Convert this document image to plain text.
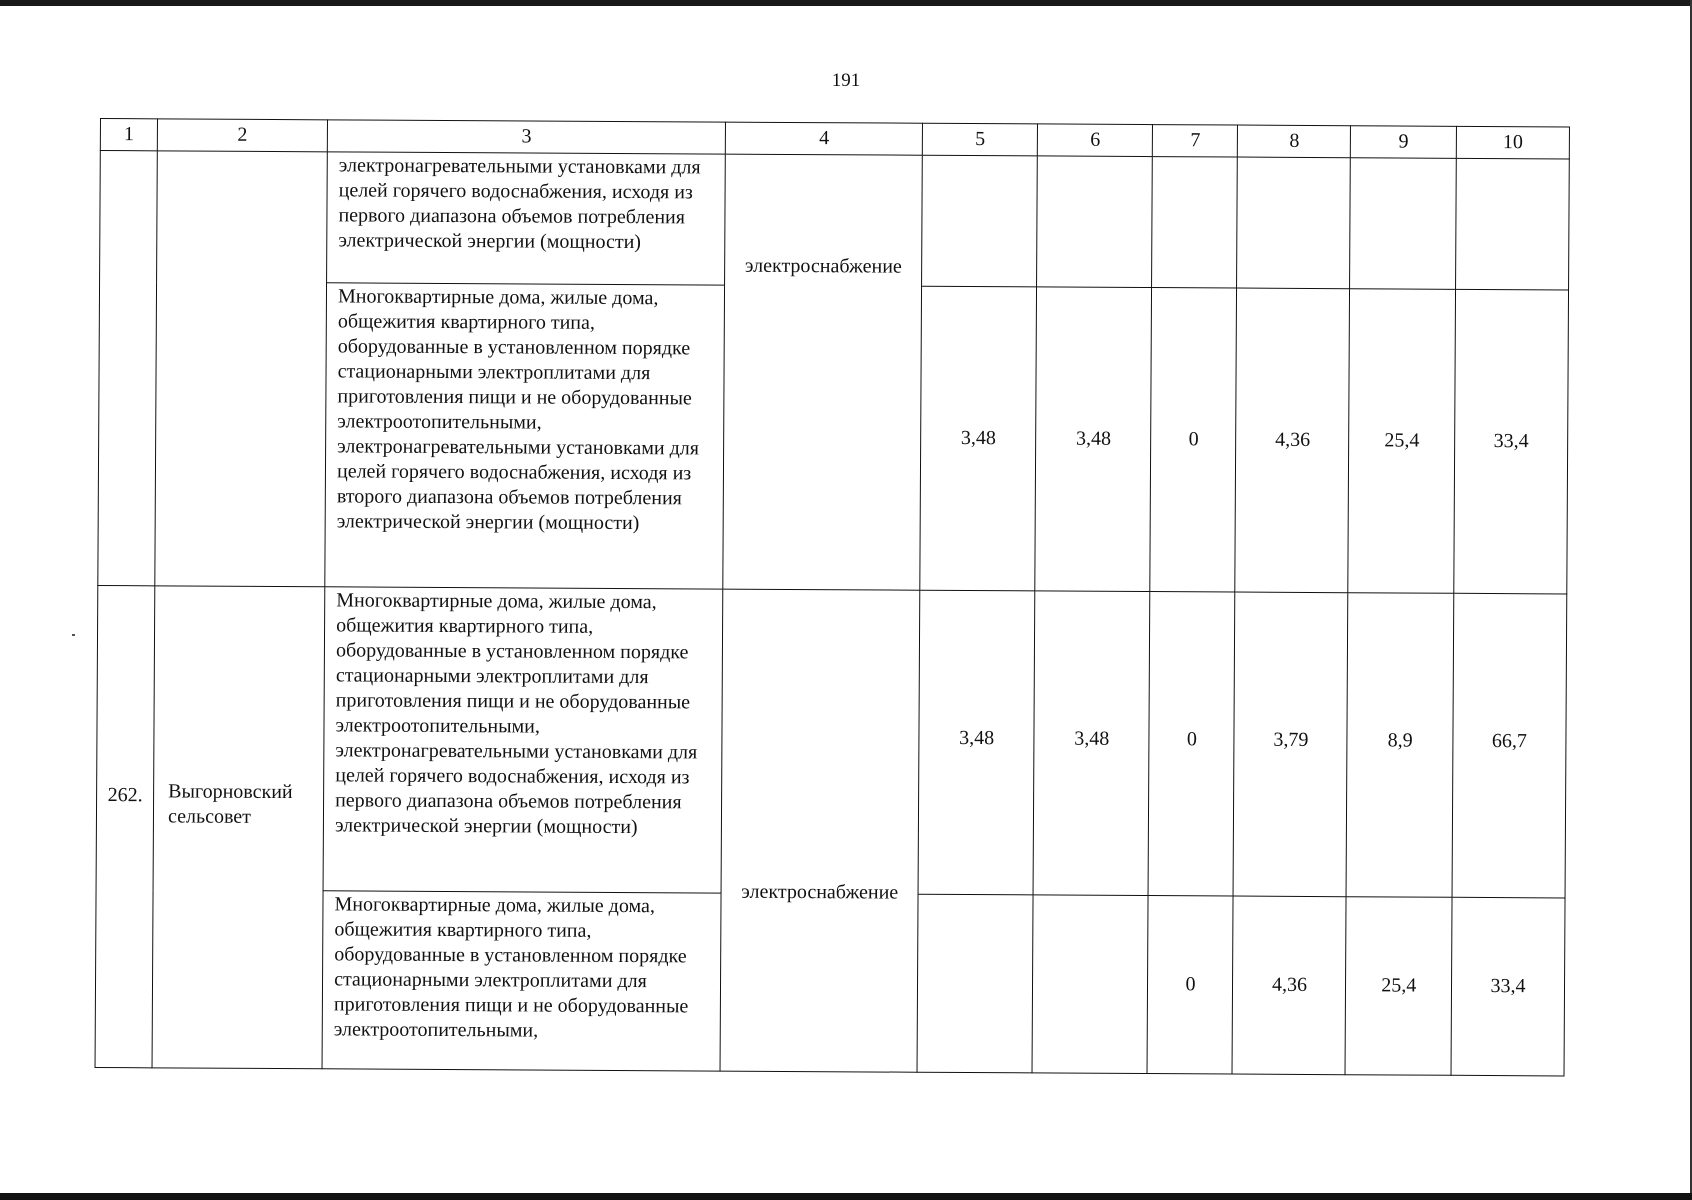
191
1	2	3	4	5	6	7	8	9	10
		электронагревательными установками для целей горячего водоснабжения, исходя из первого диапазона объемов потребления электрической энергии (мощности)	электроснабжение						

		Многоквартирные дома, жилые дома, общежития квартирного типа, оборудованные в установленном порядке стационарными электроплитами для приготовления пищи и не оборудованные электроотопительными, электронагревательными установками для целей горячего водоснабжения, исходя из второго диапазона объемов потребления электрической энергии (мощности)		3,48	3,48	0	4,36	25,4	33,4

262.	Выгорновский сельсовет	Многоквартирные дома, жилые дома, общежития квартирного типа, оборудованные в установленном порядке стационарными электроплитами для приготовления пищи и не оборудованные электроотопительными, электронагревательными установками для целей горячего водоснабжения, исходя из первого диапазона объемов потребления электрической энергии (мощности)	электроснабжение	3,48	3,48	0	3,79	8,9	66,7
		Многоквартирные дома, жилые дома, общежития квартирного типа, оборудованные в установленном порядке стационарными электроплитами для приготовления пищи и не оборудованные электроотопительными,				0	4,36	25,4	33,4
